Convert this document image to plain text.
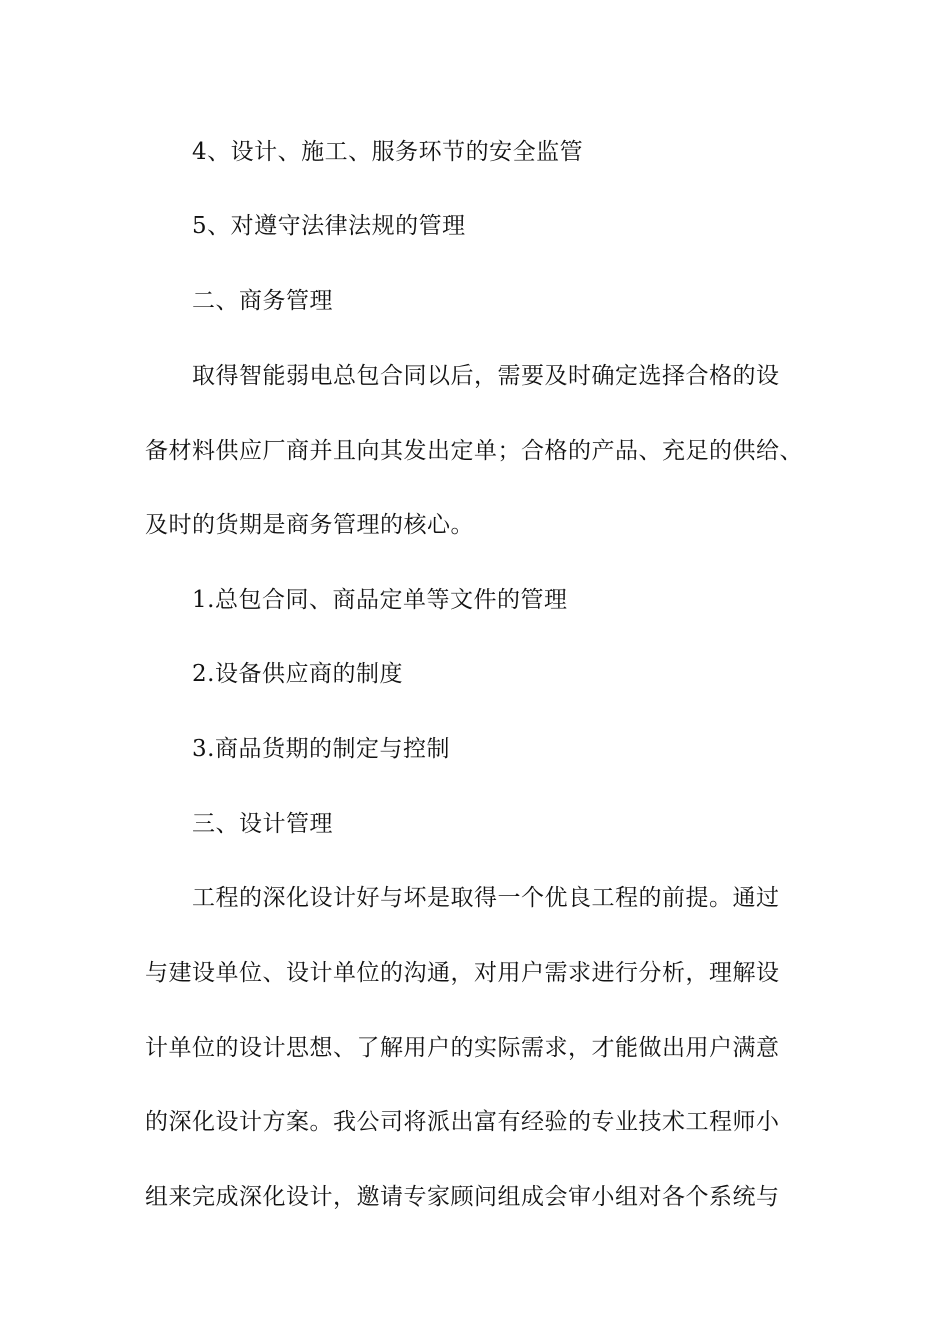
4、设计、施工、服务环节的安全监管
5、对遵守法律法规的管理
二、商务管理
取得智能弱电总包合同以后，需要及时确定选择合格的设
备材料供应厂商并且向其发出定单；合格的产品、充足的供给、
及时的货期是商务管理的核心。
1.总包合同、商品定单等文件的管理
2.设备供应商的制度
3.商品货期的制定与控制
三、设计管理
工程的深化设计好与坏是取得一个优良工程的前提。通过
与建设单位、设计单位的沟通，对用户需求进行分析，理解设
计单位的设计思想、了解用户的实际需求，才能做出用户满意
的深化设计方案。我公司将派出富有经验的专业技术工程师小
组来完成深化设计，邀请专家顾问组成会审小组对各个系统与
